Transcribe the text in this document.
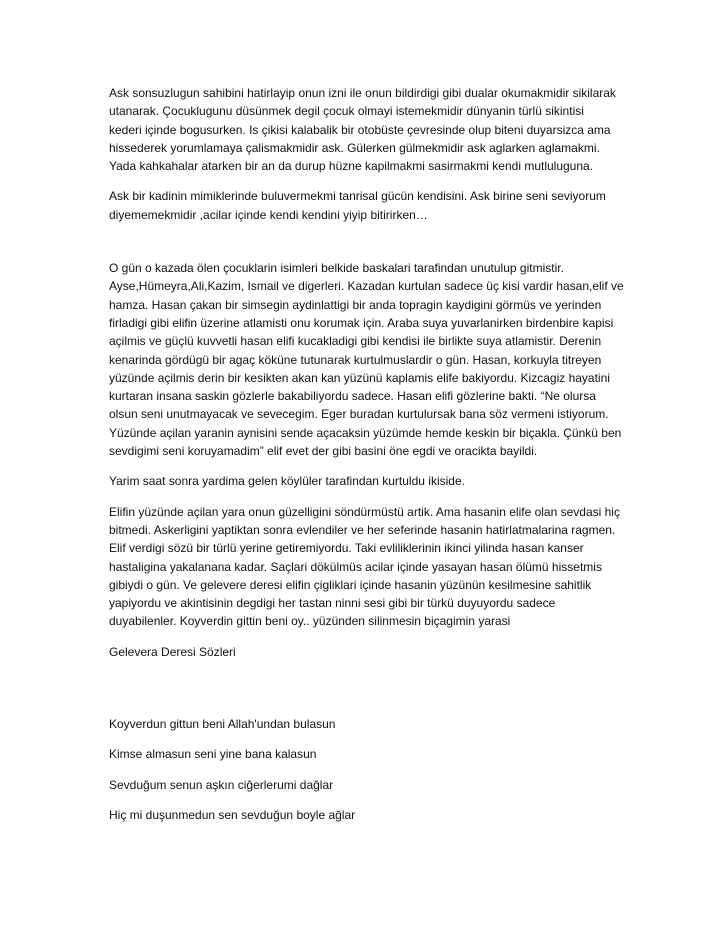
Ask sonsuzlugun sahibini hatirlayip onun izni ile onun bildirdigi gibi dualar okumakmidir sikilarak
utanarak. Çocuklugunu düsünmek degil çocuk olmayi istemekmidir dünyanin türlü sikintisi
kederi içinde bogusurken. Is çikisi kalabalik bir otobüste çevresinde olup biteni duyarsizca ama
hissederek yorumlamaya çalismakmidir ask. Gülerken gülmekmidir ask aglarken aglamakmi.
Yada kahkahalar atarken bir an da durup hüzne kapilmakmi sasirmakmi kendi mutluluguna.

Ask bir kadinin mimiklerinde buluvermekmi tanrisal gücün kendisini. Ask birine seni seviyorum
diyememekmidir ,acilar içinde kendi kendini yiyip bitirirken…

O gün o kazada ölen çocuklarin isimleri belkide baskalari tarafindan unutulup gitmistir.
Ayse,Hümeyra,Ali,Kazim, Ismail ve digerleri. Kazadan kurtulan sadece üç kisi vardir hasan,elif ve
hamza. Hasan çakan bir simsegin aydinlattigi bir anda topragin kaydigini görmüs ve yerinden
firladigi gibi elifin üzerine atlamisti onu korumak için. Araba suya yuvarlanirken birdenbire kapisi
açilmis ve güçlü kuvvetli hasan elifi kucakladigi gibi kendisi ile birlikte suya atlamistir. Derenin
kenarinda gördügü bir agaç köküne tutunarak kurtulmuslardir o gün. Hasan, korkuyla titreyen
yüzünde açilmis derin bir kesikten akan kan yüzünü kaplamis elife bakiyordu. Kizcagiz hayatini
kurtaran insana saskin gözlerle bakabiliyordu sadece. Hasan elifi gözlerine bakti. “Ne olursa
olsun seni unutmayacak ve sevecegim. Eger buradan kurtulursak bana söz vermeni istiyorum.
Yüzünde açilan yaranin aynisini sende açacaksin yüzümde hemde keskin bir biçakla. Çünkü ben
sevdigimi seni koruyamadim” elif evet der gibi basini öne egdi ve oracikta bayildi.

Yarim saat sonra yardima gelen köylüler tarafindan kurtuldu ikiside.

Elifin yüzünde açilan yara onun güzelligini söndürmüstü artik. Ama hasanin elife olan sevdasi hiç
bitmedi. Askerligini yaptiktan sonra evlendiler ve her seferinde hasanin hatirlatmalarina ragmen.
Elif verdigi sözü bir türlü yerine getiremiyordu. Taki evliliklerinin ikinci yilinda hasan kanser
hastaligina yakalanana kadar. Saçlari dökülmüs acilar içinde yasayan hasan ölümü hissetmis
gibiydi o gün. Ve gelevere deresi elifin çigliklari içinde hasanin yüzünün kesilmesine sahitlik
yapiyordu ve akintisinin degdigi her tastan ninni sesi gibi bir türkü duyuyordu sadece
duyabilenler. Koyverdin gittin beni oy.. yüzünden silinmesin biçagimin yarasi

Gelevera Deresi Sözleri

Koyverdun gittun beni Allah'undan bulasun

Kimse almasun seni yine bana kalasun

Sevduğum senun aşkın ciğerlerumi dağlar

Hiç mi duşunmedun sen sevduğun boyle ağlar
